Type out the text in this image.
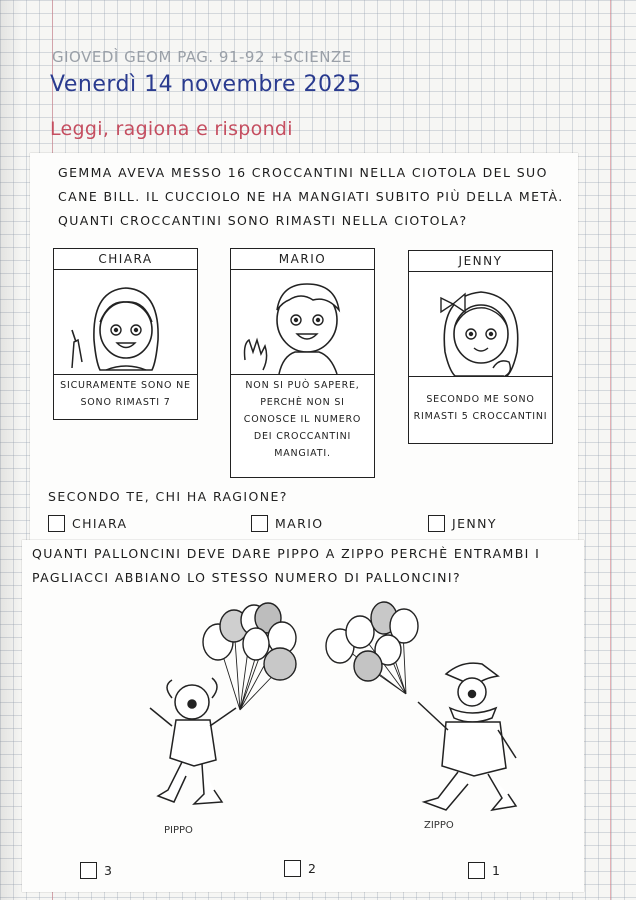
GIOVEDÌ GEOM PAG. 91-92 +SCIENZE
Venerdì 14 novembre 2025
Leggi, ragiona e rispondi
GEMMA AVEVA MESSO 16 CROCCANTINI NELLA CIOTOLA DEL SUO CANE BILL. IL CUCCIOLO NE HA MANGIATI SUBITO PIÙ DELLA METÀ. QUANTI CROCCANTINI SONO RIMASTI NELLA CIOTOLA?
CHIARA
SICURAMENTE SONO NE SONO RIMASTI 7
MARIO
NON SI PUÒ SAPERE, PERCHÈ NON SI CONOSCE IL NUMERO DEI CROCCANTINI MANGIATI.
JENNY
SECONDO ME SONO RIMASTI 5 CROCCANTINI
SECONDO TE, CHI HA RAGIONE?
CHIARA	MARIO	JENNY
QUANTI PALLONCINI DEVE DARE PIPPO A ZIPPO PERCHÈ ENTRAMBI I PAGLIACCI ABBIANO LO STESSO NUMERO DI PALLONCINI?
PIPPO	ZIPPO
3	2	1
